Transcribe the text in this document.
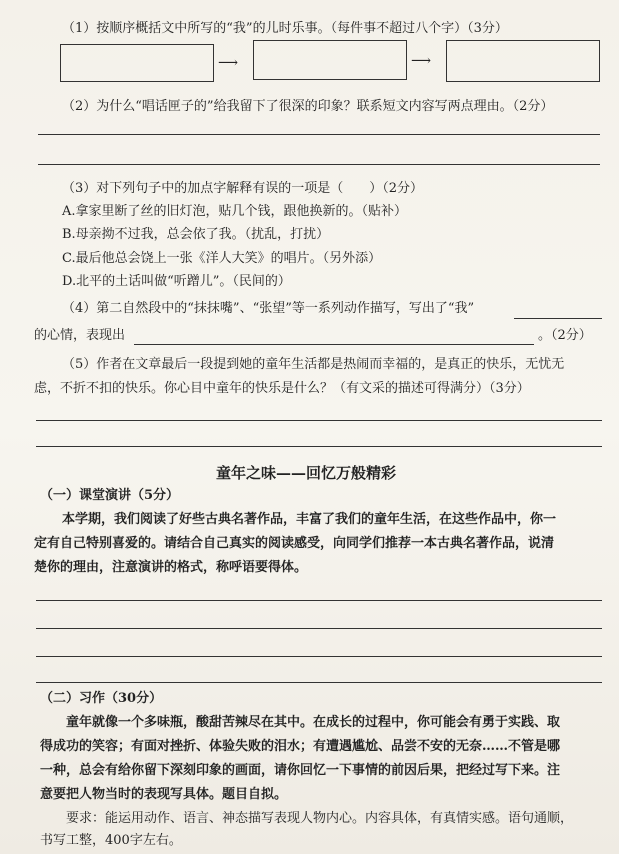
（1）按顺序概括文中所写的“我”的儿时乐事。（每件事不超过八个字）（3分）
⟶	⟶
（2）为什么“唱话匣子的”给我留下了很深的印象？联系短文内容写两点理由。（2分）
（3）对下列句子中的加点字解释有误的一项是（　　）（2分）
A.拿家里断了丝的旧灯泡，贴几个钱，跟他换新的。（贴补）
B.母亲拗不过我，总会依了我。（扰乱，打扰）
C.最后他总会饶上一张《洋人大笑》的唱片。（另外添）
D.北平的土话叫做“听蹭儿”。（民间的）
（4）第二自然段中的“抹抹嘴”、“张望”等一系列动作描写，写出了“我”
的心情，表现出	。（2分）
（5）作者在文章最后一段提到她的童年生活都是热闹而幸福的，是真正的快乐，无忧无
虑，不折不扣的快乐。你心目中童年的快乐是什么？（有文采的描述可得满分）（3分）
童年之味——回忆万般精彩
（一）课堂演讲（5分）
本学期，我们阅读了好些古典名著作品，丰富了我们的童年生活，在这些作品中，你一
定有自己特别喜爱的。请结合自己真实的阅读感受，向同学们推荐一本古典名著作品，说清
楚你的理由，注意演讲的格式，称呼语要得体。
（二）习作（30分）
童年就像一个多味瓶，酸甜苦辣尽在其中。在成长的过程中，你可能会有勇于实践、取
得成功的笑容；有面对挫折、体验失败的泪水；有遭遇尴尬、品尝不安的无奈……不管是哪
一种，总会有给你留下深刻印象的画面，请你回忆一下事情的前因后果，把经过写下来。注
意要把人物当时的表现写具体。题目自拟。
要求：能运用动作、语言、神态描写表现人物内心。内容具体，有真情实感。语句通顺，
书写工整，400字左右。
